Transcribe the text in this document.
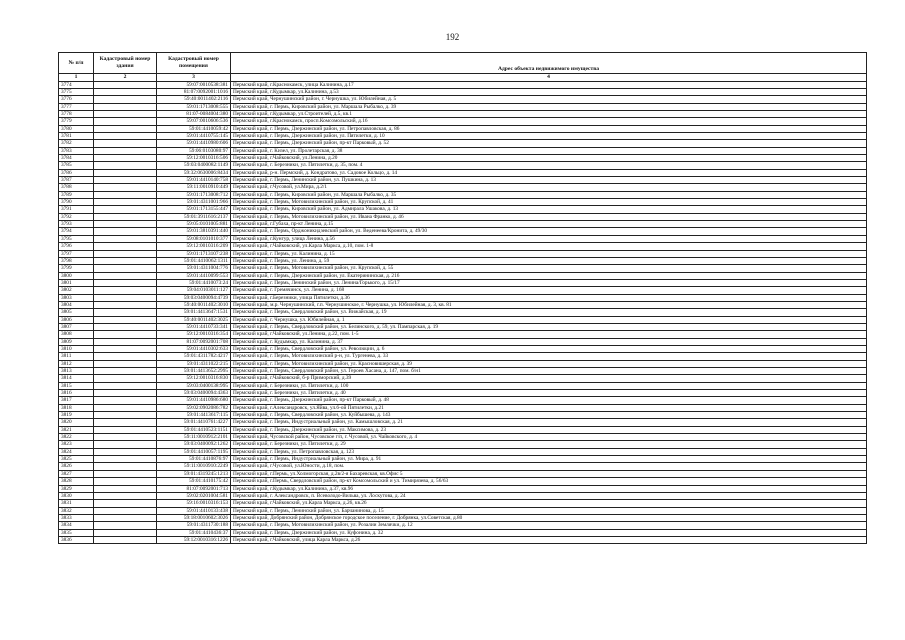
192
№ п/п	Кадастровый номер здания	Кадастровый номер помещения	Адрес объекта недвижимого имущества
1	2	3	4
3774		59:07:0010538:381	Пермский край, г.Краснокамск, улица Калинина, д.17
3775		81:07:0092001:1016	Пермский край, г.Кудымкар, ул.Калинина, д.53
3776		59:40:0011402:2116	Пермский край, Чернушинский район, г. Чернушка, ул. Юбилейная, д. 5
3777		59:01:1713008:555	Пермский край, г. Пермь, Кировский район, ул. Маршала Рыбалко, д. 39
3778		81:07-0084004:380	Пермский край, г.Кудымкар, ул.Строителей, д.5, кв.1
3779		59:07:0010606:536	Пермский край, г.Краснокамск, просп.Комсомольский, д.16
3780		59:01:4410059:42	Пермский край, г. Пермь, Дзержинский район, ул. Петропавловская, д. 86
3781		59:01:4410755:145	Пермский край, г. Пермь, Дзержинский район, ул. Пятилетки, д. 10
3782		59:01:4410980:606	Пермский край, г. Пермь, Дзержинский район, пр-кт Парковый, д. 52
3783		59:06:0103080:97	Пермский край, г. Кизел, ул. Пролетарская, д. 38
3784		59:12:0010316:506	Пермский край, г.Чайковский, ул.Ленина, д.20
3785		59:03:0400082:1149	Пермский край, г. Березники, ул. Пятилетки, д. 35, пом. 4
3786		59:32:0630006:8434	Пермский край, р-н. Пермский, д. Кондратово, ул. Садовое Кольцо, д. 14
3787		59:01:4410140:758	Пермский край, г. Пермь, Ленинский район, ул. Пушкина, д. 13
3788		59:11:0010910:449	Пермский край, г.Чусовой, ул.Мира, д.2/1
3789		59:01:1713008:712	Пермский край, г. Пермь, Кировский район, ул. Маршала Рыбалко, д. 35
3790		59:01:4311001:966	Пермский край, г. Пермь, Мотовилихинский район, ул. Крупской, д. 41
3791		59:01:1713155:447	Пермский край, г. Пермь, Кировский район, ул. Адмирала Ушакова, д. 13
3792		59:01:3911616:2137	Пермский край, г. Пермь, Мотовилихинский район, ул. Ивана Франко, д. 46
3793		59:05:0101005:881	Пермский край, г.Губаха, пр-кт Ленина, д.15
3794		59:01:3810391:440	Пермский край, г. Пермь, Орджоникидзевский район, ул. Веденеева/Кронита, д. 49/30
3795		59:08:0101010:377	Пермский край, г.Кунгур, улица Ленина, д.56
3796		59:12:0010316:209	Пермский край, г.Чайковский, ул.Карла Маркса, д.10, пом. 1-8
3797		59:01:1713107:238	Пермский край, г. Пермь, ул. Калинина, д. 15
3798		59:01:4410062:1311	Пермский край, г. Пермь, ул. Ленина, д. 59
3799		59:01:4311004:776	Пермский край, г. Пермь, Мотовилихинский район, ул. Крупской, д. 55
3800		59:01:4410099:553	Пермский край, г. Пермь, Дзержинский район, ул. Екатерининская, д. 216
3801		59:01:4410073:24	Пермский край, г. Пермь, Ленинский район, ул. Ленина/Горького, д. 15/17
3802		59:04:0103011:127	Пермский край, г. Гремячинск, ул. Ленина, д. 168
3803		59:03:0400094:4739	Пермский край, г.Березники, улица Пятилетки, д.36
3804		59:40:0011402:3010	Пермский край, м.р. Чернушинский, г.п. Чернушинское, г. Чернушка, ул. Юбилейная, д. 3, кв. 81
3805		59:01:4413647:1531	Пермский край, г. Пермь, Свердловский район, ул. Вижайская, д. 19
3806		59:40:0011402:3025	Пермский край, г. Чернушка, ул. Юбилейная, д. 1
3807		59:01:4410733:341	Пермский край, г. Пермь, Свердловский район, ул. Белинского, д. 59, ул. Пампарская, д. 19
3808		59:12:0010316:354	Пермский край, г.Чайковский, ул.Ленина, д.22, пом. 1-5
3809		81:07:0092001:708	Пермский край, г. Кудымкар, ул. Калинина, д. 37
3810		59:01:4410302:633	Пермский край, г. Пермь, Свердловский район, ул. Революции, д. 6
3811		59:01:4311782:4217	Пермский край, г. Пермь, Мотовилихинский р-н, ул. Тургенева, д. 33
3812		59:01:4311022:215	Пермский край, г. Пермь, Мотовилихинский район, ул. Красновишерская, д. 39
3813		59:01:4413652:2995	Пермский край, г. Пермь, Свердловский район, ул. Героев Хасана, д. 147, пом. б/н1
3814		59:12:0010316:830	Пермский край, г.Чайковский, б-р Приморский, д.39
3815		59:03:0400138:995	Пермский край, г. Березники, ул. Пятилетки, д. 100
3816		59:03:0400094:4363	Пермский край, г. Березники, ул. Пятилетки, д. 40
3817		59:01:4410986:680	Пермский край, г. Пермь, Дзержинский район, пр-кт Парковый, д. 48
3818		59:02:0902086:782	Пермский край, г.Александровск, ул.Яйва, ул.6-ой Пятилетки, д.21
3819		59:01:4413617:115	Пермский край, г. Пермь, Свердловский район, ул. Куйбышева, д. 143
3820		59:01:4410761:4227	Пермский край, г. Пермь, Индустриальный район, ул. Камышловская, д. 21
3821		59:01:4410523:1151	Пермский край, г. Пермь, Дзержинский район, ул. Максимова, д. 23
3822		59:11:0010912:2101	Пермский край, Чусовской район, Чусовское г/п, г. Чусовой, ул. Чайковского, д. 4
3823		59:03:0400092:1262	Пермский край, г. Березники, ул. Пятилетки, д. 29
3824		59:01:4410057:1195	Пермский край, г. Пермь, ул. Петропавловская, д. 123
3825		59:01:4410876:97	Пермский край, г. Пермь, Индустриальный район, ул. Мира, д. 91
3826		59:11:0010910:2249	Пермский край, г.Чусовой, ул.Юности, д.18, пом.
3827		59:01:4319245:1213	Пермский край, г.Пермь, ул.Холмогорская, д.2в/2-я Бахаревская, кв.Офис 5
3828		59:01:4410175:42	Пермский край, г.Пермь, Свердловский район, пр-кт Комсомольский и ул. Тимирязева, д. 56/63
3829		81:07:0092001:713	Пермский край, г.Кудымкар, ул.Калинина, д.37, кв.96
3830		59:02:0201004:581	Пермский край, г. Александровск, п. Всеволодо-Вильва, ул. Лоскутова, д. 24
3831		59:16:0010316:153	Пермский край, г.Чайковский, ул.Карла Маркса, д.26, кв.26
3832		59:01:4410133:438	Пермский край, г. Пермь, Ленинский район, ул. Барчанинова, д. 15
3833		59:18:0010602:3026	Пермский край, Добрянский район, Добрянское городское поселение, г. Добрянка, ул.Советская, д.80
3834		59:01:4311730:188	Пермский край, г. Пермь, Мотовилихинский район, ул. Розалии Землячки, д. 12
3835		59:01:4410436:37	Пермский край, г. Пермь, Дзержинский район, ул. Куфонина, д. 32
3836		59:12:0010316:1226	Пермский край, г.Чайковский, улица Карла Маркса, д.26
